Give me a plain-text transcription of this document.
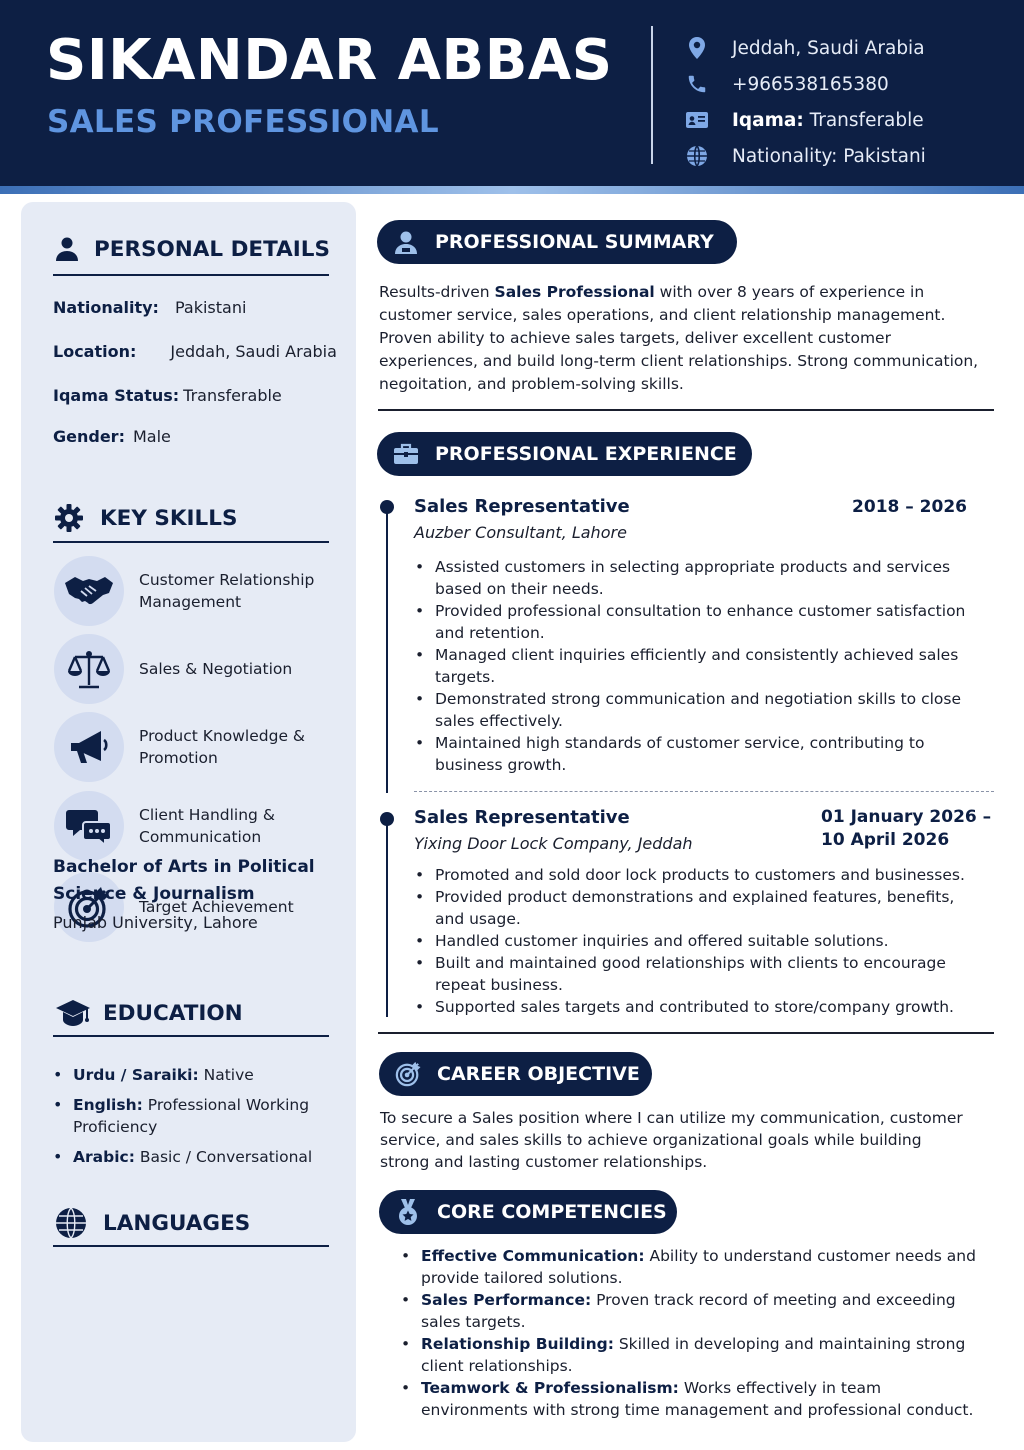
SIKANDAR ABBAS
SALES PROFESSIONAL
Jeddah, Saudi Arabia
+966538165380
Iqama: Transferable
Nationality: Pakistani
PERSONAL DETAILS
Nationality: Pakistani
Location: Jeddah, Saudi Arabia
Iqama Status: Transferable
Gender: Male
KEY SKILLS
Customer Relationship Management
Sales & Negotiation
Product Knowledge & Promotion
Client Handling & Communication
Target Achievement
EDUCATION
Bachelor of Arts in Political Science & Journalism
Punjab University, Lahore
LANGUAGES
• Urdu / Saraiki: Native
• English: Professional Working Proficiency
• Arabic: Basic / Conversational
PROFESSIONAL SUMMARY
Results-driven Sales Professional with over 8 years of experience in customer service, sales operations, and client relationship management. Proven ability to achieve sales targets, deliver excellent customer experiences, and build long-term client relationships. Strong communication, negoitation, and problem-solving skills.
PROFESSIONAL EXPERIENCE
Sales Representative
Auzber Consultant, Lahore
2018 – 2026
• Assisted customers in selecting appropriate products and services based on their needs.
• Provided professional consultation to enhance customer satisfaction and retention.
• Managed client inquiries efficiently and consistently achieved sales targets.
• Demonstrated strong communication and negotiation skills to close sales effectively.
• Maintained high standards of customer service, contributing to business growth.
Sales Representative
Yixing Door Lock Company, Jeddah
01 January 2026 –
10 April 2026
• Promoted and sold door lock products to customers and businesses.
• Provided product demonstrations and explained features, benefits, and usage.
• Handled customer inquiries and offered suitable solutions.
• Built and maintained good relationships with clients to encourage repeat business.
• Supported sales targets and contributed to store/company growth.
CAREER OBJECTIVE
To secure a Sales position where I can utilize my communication, customer service, and sales skills to achieve organizational goals while building strong and lasting customer relationships.
CORE COMPETENCIES
• Effective Communication: Ability to understand customer needs and provide tailored solutions.
• Sales Performance: Proven track record of meeting and exceeding sales targets.
• Relationship Building: Skilled in developing and maintaining strong client relationships.
• Teamwork & Professionalism: Works effectively in team environments with strong time management and professional conduct.
